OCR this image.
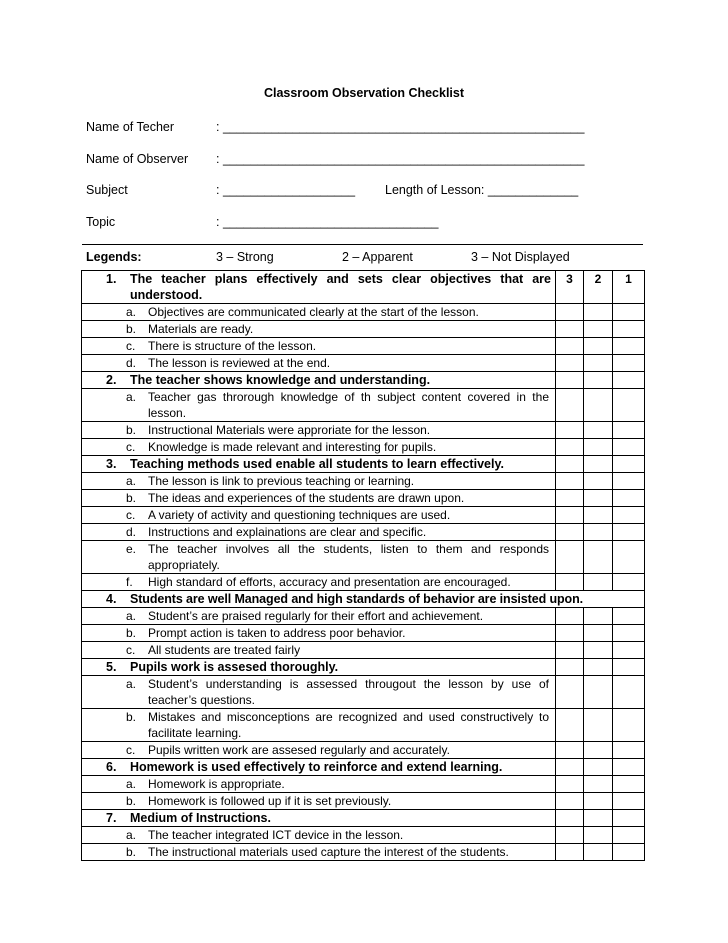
Classroom Observation Checklist
Name of Techer	: ____________________________________________________
Name of Observer : ____________________________________________________
Subject	: ___________________ Length of Lesson: _____________
Topic	: _______________________________
Legends:	3 – Strong	2 – Apparent	3 – Not Displayed
1. The teacher plans effectively and sets clear objectives that are understood.	3	2	1

a. Objectives are communicated clearly at the start of the lesson.			

b. Materials are ready.			

c. There is structure of the lesson.			

d. The lesson is reviewed at the end.			

2. The teacher shows knowledge and understanding.			

a. Teacher gas throrough knowledge of th subject content covered in the lesson.			

b. Instructional Materials were approriate for the lesson.			

c. Knowledge is made relevant and interesting for pupils.			

3. Teaching methods used enable all students to learn effectively.			

a. The lesson is link to previous teaching or learning.			

b. The ideas and experiences of the students are drawn upon.			

c. A variety of activity and questioning techniques are used.			

d. Instructions and explainations are clear and specific.			

e. The teacher involves all the students, listen to them and responds appropriately.			

f. High standard of efforts, accuracy and presentation are encouraged.			

4. Students are well Managed and high standards of behavior are insisted upon.			

a. Student’s are praised regularly for their effort and achievement.			

b. Prompt action is taken to address poor behavior.			

c. All students are treated fairly			

5. Pupils work is assesed thoroughly.			

a. Student’s understanding is assessed througout the lesson by use of teacher’s questions.			

b. Mistakes and misconceptions are recognized and used constructively to facilitate learning.			

c. Pupils written work are assesed regularly and accurately.			

6. Homework is used effectively to reinforce and extend learning.			

a. Homework is appropriate.			

b. Homework is followed up if it is set previously.			

7. Medium of Instructions.			

a. The teacher integrated ICT device in the lesson.			

b. The instructional materials used capture the interest of the students.			
